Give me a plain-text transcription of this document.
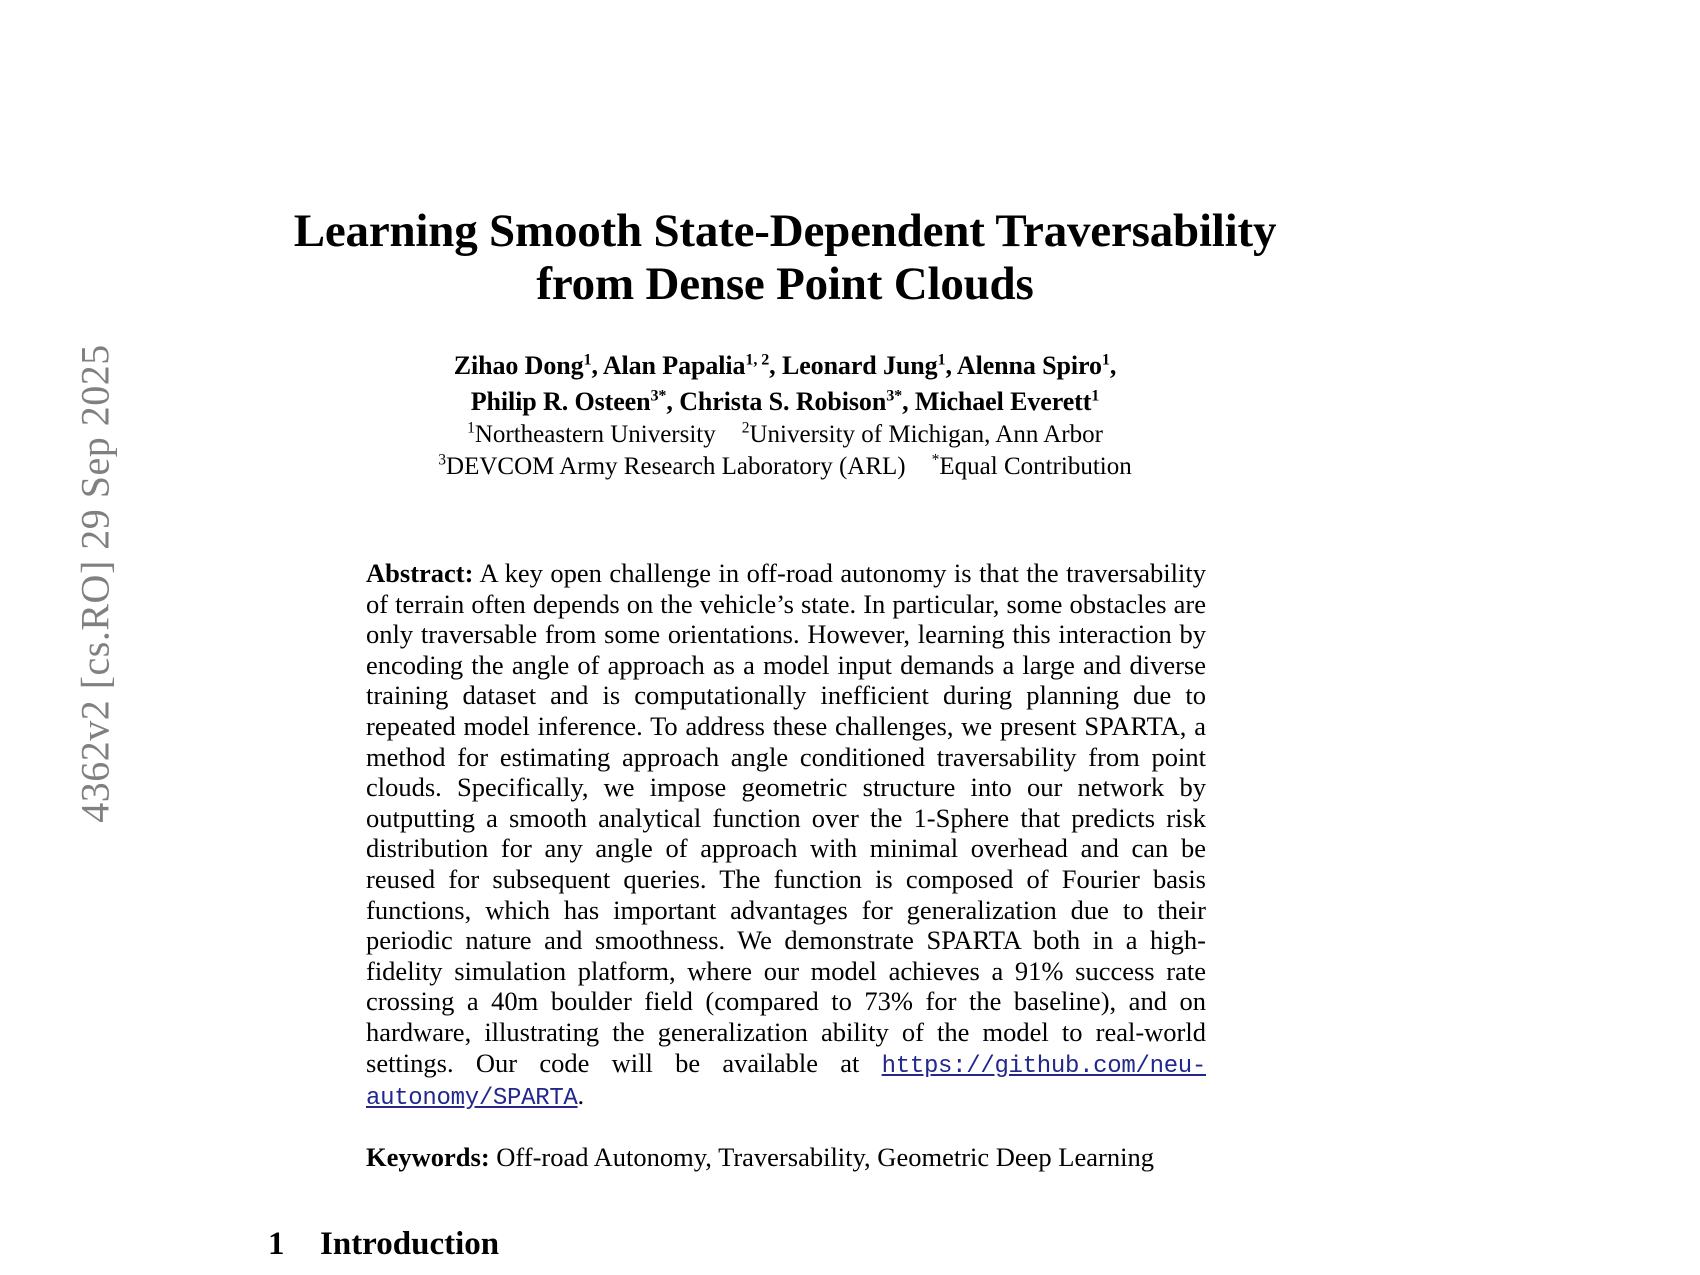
4362v2 [cs.RO] 29 Sep 2025
Learning Smooth State-Dependent Traversability
from Dense Point Clouds
Zihao Dong$^1$, Alan Papalia$^{1, 2}$, Leonard Jung$^1$, Alenna Spiro$^1$,
Philip R. Osteen$^{3*}$, Christa S. Robison$^{3*}$, Michael Everett$^1$
$^1$Northeastern University $^2$University of Michigan, Ann Arbor
$^3$DEVCOM Army Research Laboratory (ARL) *Equal Contribution

Abstract: A key open challenge in off-road autonomy is that the traversability of terrain often depends on the vehicle’s state. In particular, some obstacles are only traversable from some orientations. However, learning this interaction by encoding the angle of approach as a model input demands a large and diverse training dataset and is computationally inefficient during planning due to repeated model inference. To address these challenges, we present SPARTA, a method for estimating approach angle conditioned traversability from point clouds. Specifically, we impose geometric structure into our network by outputting a smooth analytical function over the 1-Sphere that predicts risk distribution for any angle of approach with minimal overhead and can be reused for subsequent queries. The function is composed of Fourier basis functions, which has important advantages for generalization due to their periodic nature and smoothness. We demonstrate SPARTA both in a high-fidelity simulation platform, where our model achieves a 91% success rate crossing a 40m boulder field (compared to 73% for the baseline), and on hardware, illustrating the generalization ability of the model to real-world settings. Our code will be available at https://github.com/neu-autonomy/SPARTA.

Keywords: Off-road Autonomy, Traversability, Geometric Deep Learning

1 Introduction
